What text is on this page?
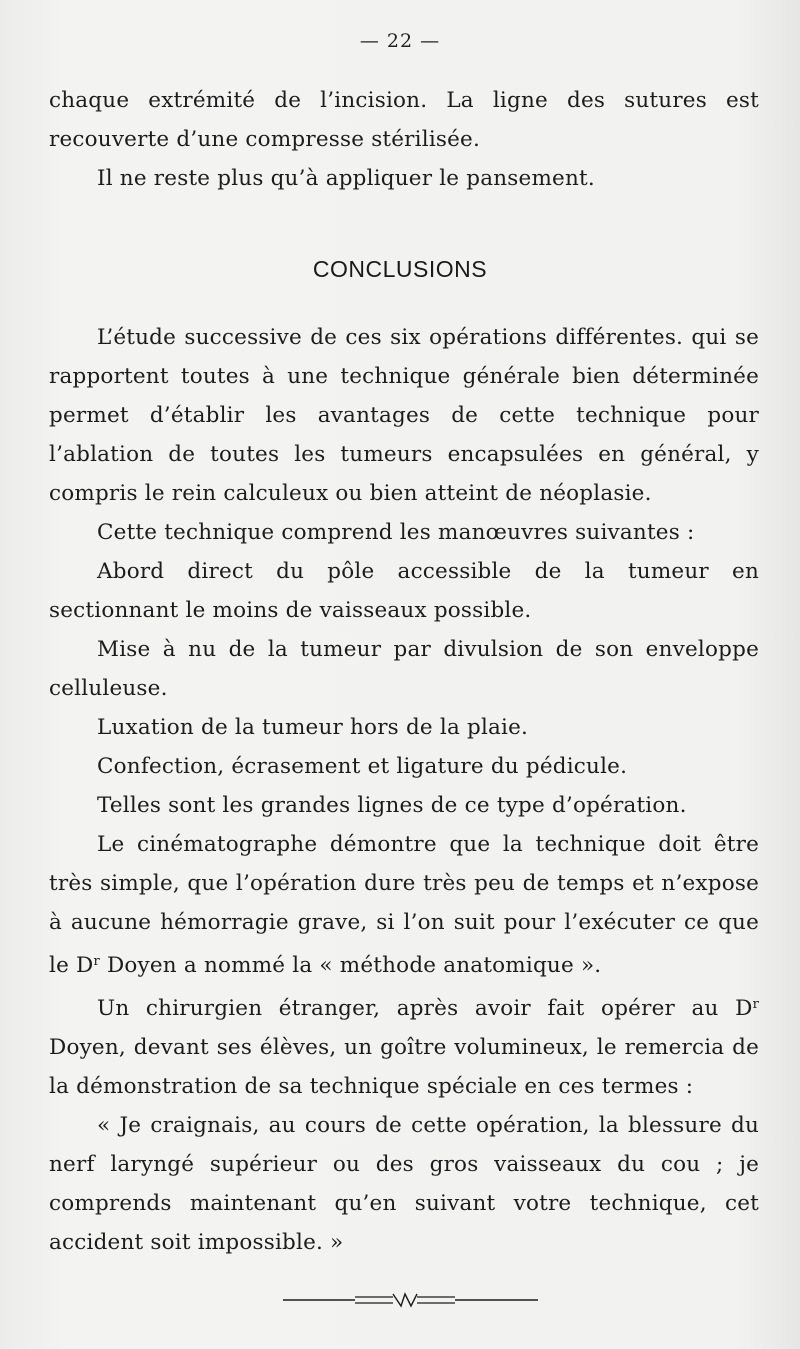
— 22 —

chaque extrémité de l’incision. La ligne des sutures est recouverte d’une compresse stérilisée.

Il ne reste plus qu’à appliquer le pansement.

CONCLUSIONS

L’étude successive de ces six opérations différentes. qui se rapportent toutes à une technique générale bien déterminée permet d’établir les avantages de cette technique pour l’ablation de toutes les tumeurs encapsulées en général, y compris le rein calculeux ou bien atteint de néoplasie.

Cette technique comprend les manœuvres suivantes :

Abord direct du pôle accessible de la tumeur en sectionnant le moins de vaisseaux possible.

Mise à nu de la tumeur par divulsion de son enveloppe celluleuse.

Luxation de la tumeur hors de la plaie.

Confection, écrasement et ligature du pédicule.

Telles sont les grandes lignes de ce type d’opération.

Le cinématographe démontre que la technique doit être très simple, que l’opération dure très peu de temps et n’expose à aucune hémorragie grave, si l’on suit pour l’exécuter ce que le $D^r$ Doyen a nommé la « méthode anatomique ».

Un chirurgien étranger, après avoir fait opérer au $D^r$ Doyen, devant ses élèves, un goître volumineux, le remercia de la démonstration de sa technique spéciale en ces termes :

« Je craignais, au cours de cette opération, la blessure du nerf laryngé supérieur ou des gros vaisseaux du cou ; je comprends maintenant qu’en suivant votre technique, cet accident soit impossible. »
